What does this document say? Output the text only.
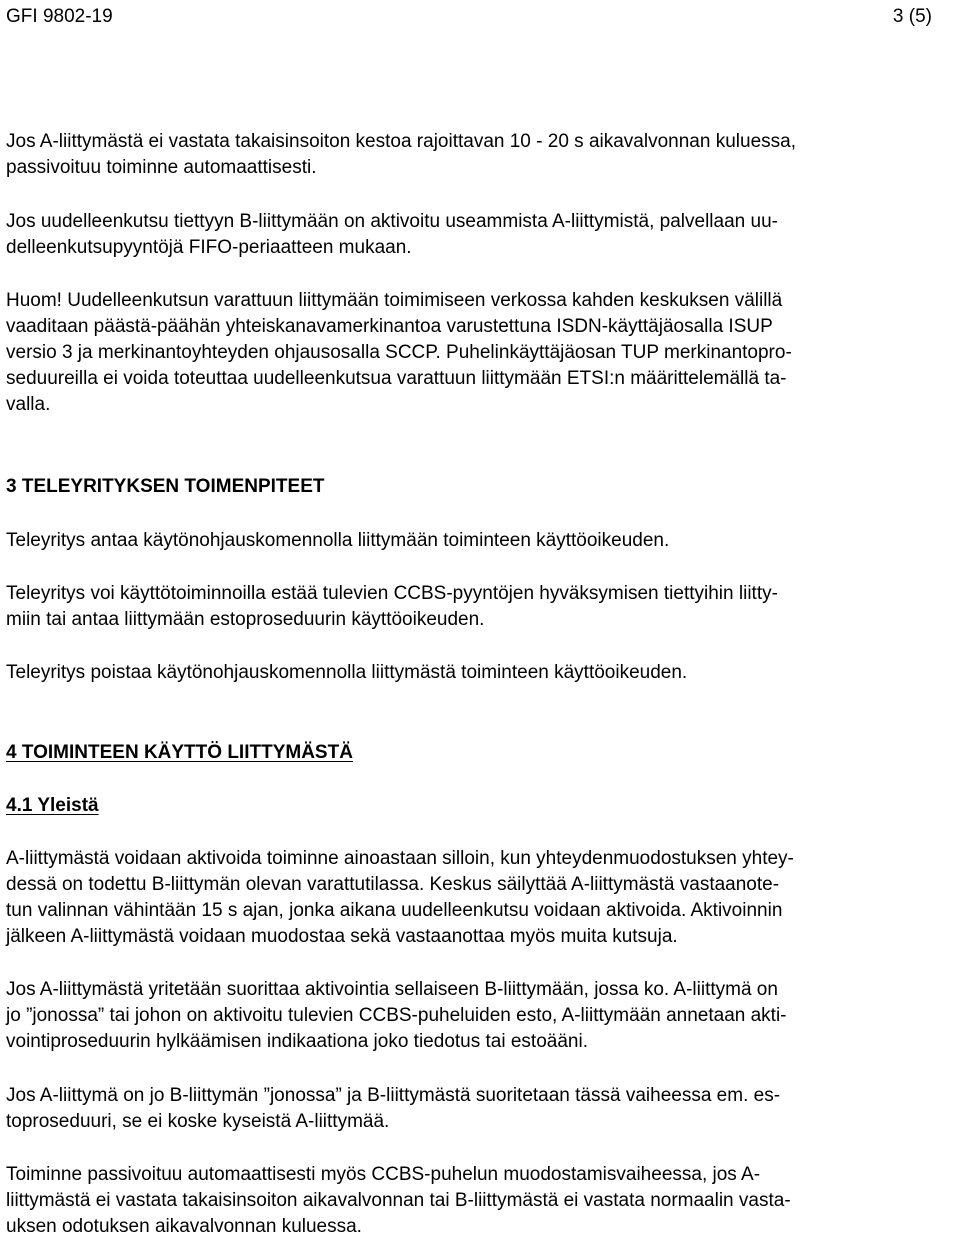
GFI 9802-19	3 (5)
Jos A-liittymästä ei vastata takaisinsoiton kestoa rajoittavan 10 - 20 s aikavalvonnan kuluessa,
passivoituu toiminne automaattisesti.
Jos uudelleenkutsu tiettyyn B-liittymään on aktivoitu useammista A-liittymistä, palvellaan uu-
delleenkutsupyyntöjä FIFO-periaatteen mukaan.
Huom! Uudelleenkutsun varattuun liittymään toimimiseen verkossa kahden keskuksen välillä
vaaditaan päästä-päähän yhteiskanavamerkinantoa varustettuna ISDN-käyttäjäosalla ISUP
versio 3 ja merkinantoyhteyden ohjausosalla SCCP. Puhelinkäyttäjäosan TUP merkinantopro-
seduureilla ei voida toteuttaa uudelleenkutsua varattuun liittymään ETSI:n määrittelemällä ta-
valla.
3 TELEYRITYKSEN TOIMENPITEET
Teleyritys antaa käytönohjauskomennolla liittymään toiminteen käyttöoikeuden.
Teleyritys voi käyttötoiminnoilla estää tulevien CCBS-pyyntöjen hyväksymisen tiettyihin liitty-
miin tai antaa liittymään estoproseduurin käyttöoikeuden.
Teleyritys poistaa käytönohjauskomennolla liittymästä toiminteen käyttöoikeuden.
4 TOIMINTEEN KÄYTTÖ LIITTYMÄSTÄ
4.1 Yleistä
A-liittymästä voidaan aktivoida toiminne ainoastaan silloin, kun yhteydenmuodostuksen yhtey-
dessä on todettu B-liittymän olevan varattutilassa. Keskus säilyttää A-liittymästä vastaanote-
tun valinnan vähintään 15 s ajan, jonka aikana uudelleenkutsu voidaan aktivoida. Aktivoinnin
jälkeen A-liittymästä voidaan muodostaa sekä vastaanottaa myös muita kutsuja.
Jos A-liittymästä yritetään suorittaa aktivointia sellaiseen B-liittymään, jossa ko. A-liittymä on
jo ”jonossa” tai johon on aktivoitu tulevien CCBS-puheluiden esto, A-liittymään annetaan akti-
vointiproseduurin hylkäämisen indikaationa joko tiedotus tai estoääni.
Jos A-liittymä on jo B-liittymän ”jonossa” ja B-liittymästä suoritetaan tässä vaiheessa em. es-
toproseduuri, se ei koske kyseistä A-liittymää.
Toiminne passivoituu automaattisesti myös CCBS-puhelun muodostamisvaiheessa, jos A-
liittymästä ei vastata takaisinsoiton aikavalvonnan tai B-liittymästä ei vastata normaalin vasta-
uksen odotuksen aikavalvonnan kuluessa.
